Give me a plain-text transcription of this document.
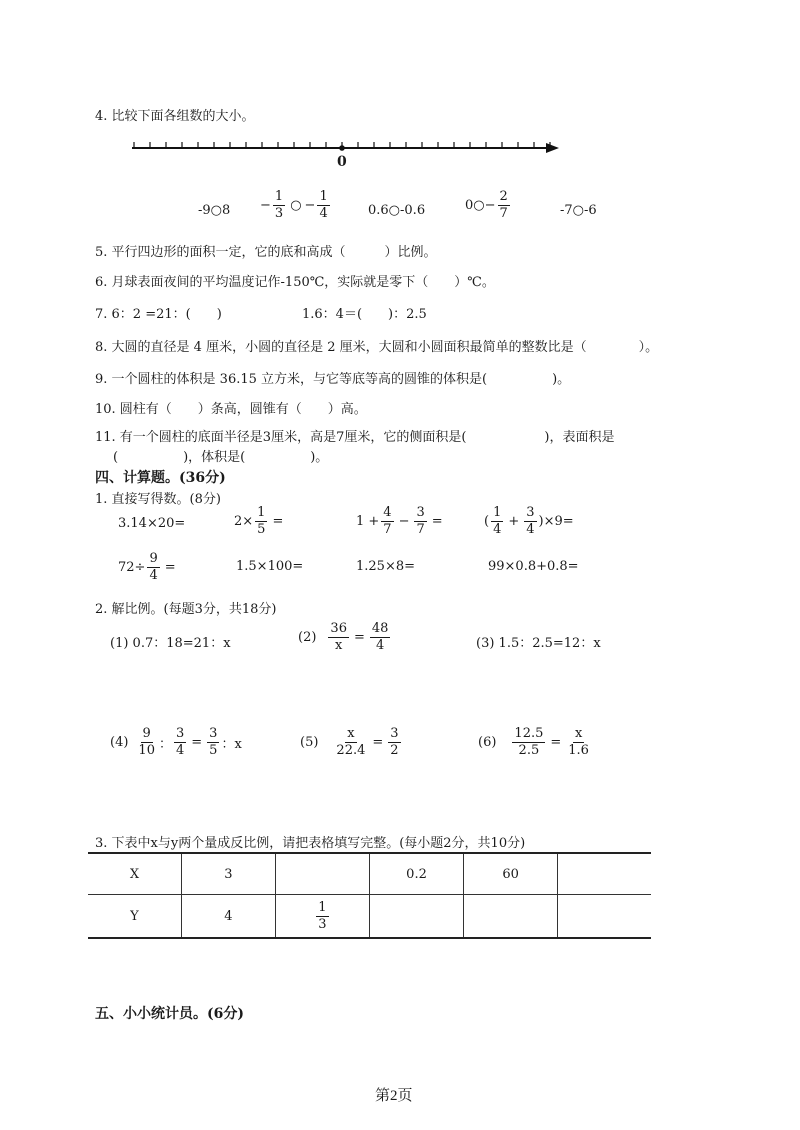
4. 比较下面各组数的大小。
0
-9○8 − $\frac{1}{3}$ ○ − $\frac{1}{4}$	0.6○-0.6	0○− $\frac{2}{7}$	-7○-6
5. 平行四边形的面积一定，它的底和高成（　　　）比例。
6. 月球表面夜间的平均温度记作-150℃，实际就是零下（　　）℃。
7. 6：2 =21：(　　)	1.6：4＝(　　)：2.5
8. 大圆的直径是 4 厘米，小圆的直径是 2 厘米，大圆和小圆面积最简单的整数比是（　　　　）。
9. 一个圆柱的体积是 36.15 立方米，与它等底等高的圆锥的体积是(　　　　　)。
10. 圆柱有（　　）条高，圆锥有（　　）高。
11. 有一个圆柱的底面半径是3厘米，高是7厘米，它的侧面积是(　　　　　　)，表面积是
(　　　　　)，体积是(　　　　　)。
四、计算题。(36分)
1. 直接写得数。(8分)
3.14×20=	$2\times \frac{1}{5}$ =	$1 + \frac{4}{7} - \frac{3}{7}$ =	( $\frac{1}{4} + \frac{3}{4} )\times 9=$
$72\div \frac{9}{4}$ =	1.5×100=	1.25×8=	99×0.8+0.8=
2. 解比例。(每题3分，共18分)
(1) 0.7：18=21：x	$(2) \frac{36}{x} = \frac{48}{4}$	(3) 1.5：2.5=12：x
$(4) \frac{9}{10}$ ： $\frac{3}{4} = \frac{3}{5}$ ：x	$(5) \frac{x}{22.4} = \frac{3}{2}$	$(6) \frac{12.5}{2.5} = \frac{x}{1.6}$
3. 下表中x与y两个量成反比例，请把表格填写完整。(每小题2分，共10分)
X	3		0.2	60	
Y	4	$\frac{1}{3}$

五、小小统计员。(6分)
第2页
